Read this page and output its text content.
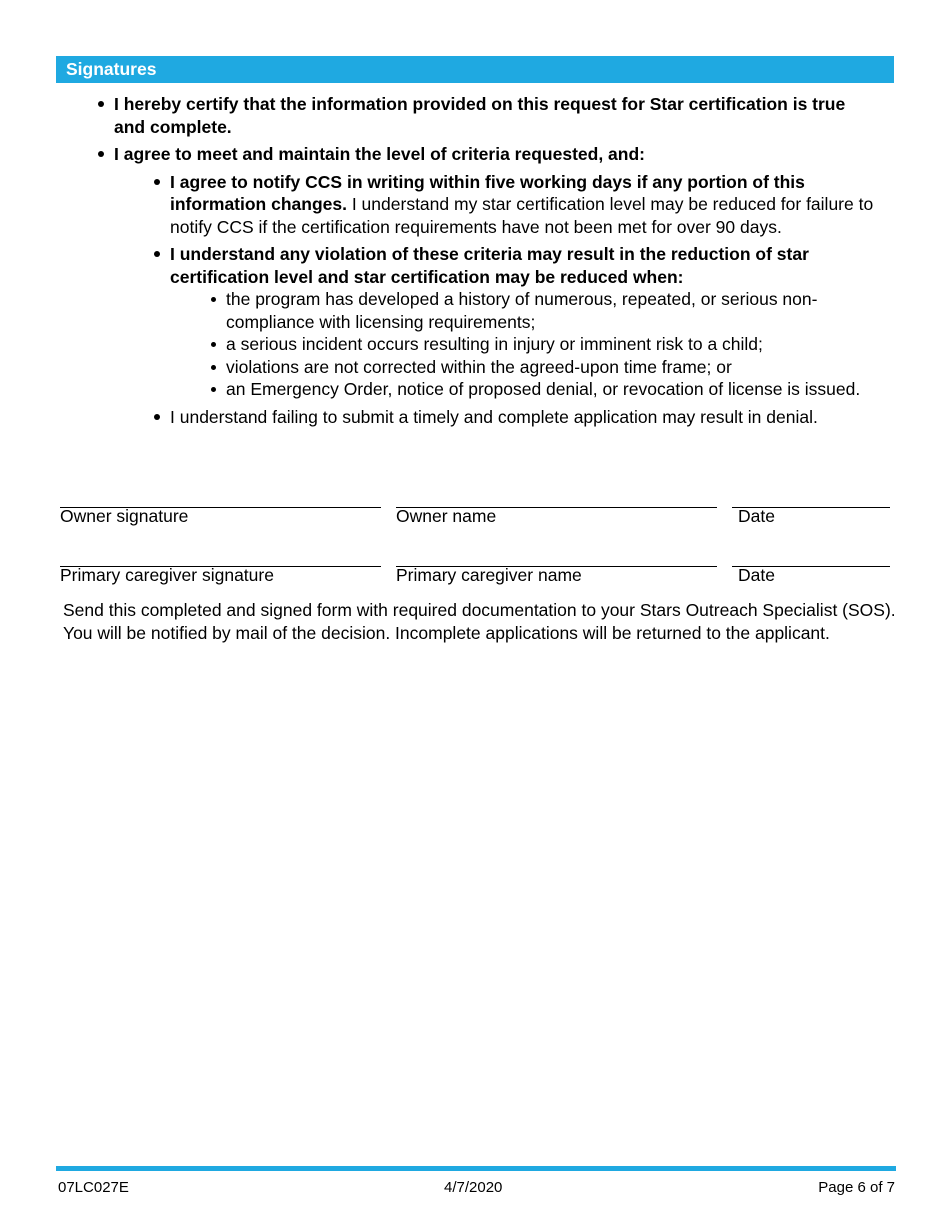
Signatures
I hereby certify that the information provided on this request for Star certification is true and complete.
I agree to meet and maintain the level of criteria requested, and:
I agree to notify CCS in writing within five working days if any portion of this information changes. I understand my star certification level may be reduced for failure to notify CCS if the certification requirements have not been met for over 90 days.
I understand any violation of these criteria may result in the reduction of star certification level and star certification may be reduced when:
the program has developed a history of numerous, repeated, or serious non-compliance with licensing requirements;
a serious incident occurs resulting in injury or imminent risk to a child;
violations are not corrected within the agreed-upon time frame; or
an Emergency Order, notice of proposed denial, or revocation of license is issued.
I understand failing to submit a timely and complete application may result in denial.
Owner signature	Owner name	Date
Primary caregiver signature	Primary caregiver name	Date
Send this completed and signed form with required documentation to your Stars Outreach Specialist (SOS). You will be notified by mail of the decision. Incomplete applications will be returned to the applicant.
07LC027E	4/7/2020	Page 6 of 7
